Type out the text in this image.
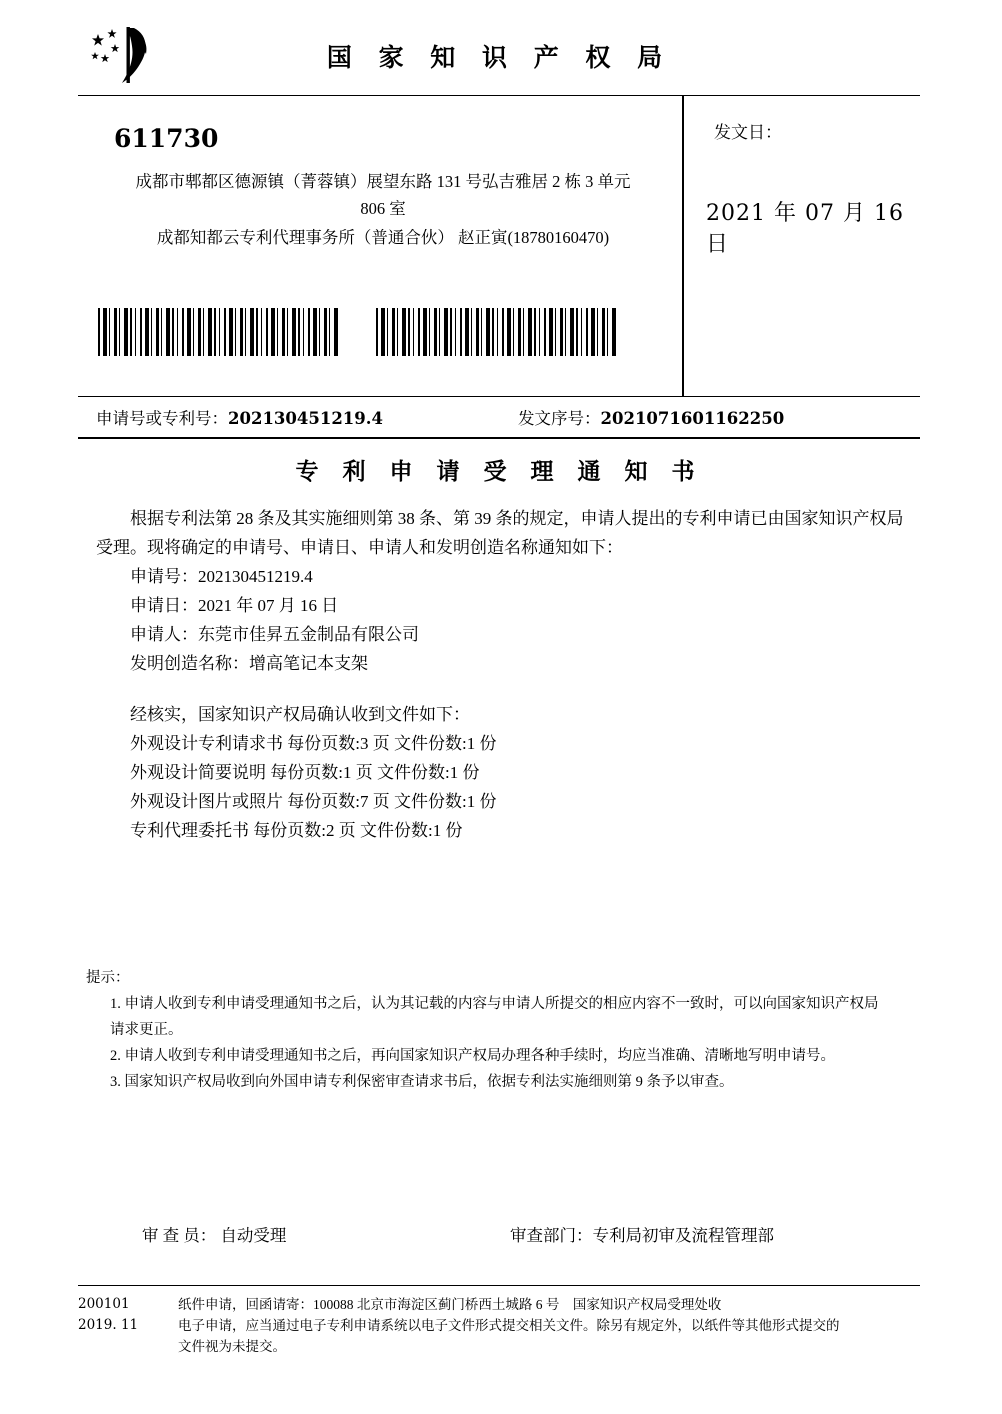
国 家 知 识 产 权 局
611730
成都市郫都区德源镇（菁蓉镇）展望东路 131 号弘吉雅居 2 栋 3 单元
806 室
成都知都云专利代理事务所（普通合伙） 赵正寅(18780160470)
发文日：
2021 年 07 月 16 日
申请号或专利号：202130451219.4	发文序号：2021071601162250
专 利 申 请 受 理 通 知 书
根据专利法第 28 条及其实施细则第 38 条、第 39 条的规定，申请人提出的专利申请已由国家知识产权局受理。现将确定的申请号、申请日、申请人和发明创造名称通知如下：
申请号：202130451219.4
申请日：2021 年 07 月 16 日
申请人：东莞市佳昇五金制品有限公司
发明创造名称：增高笔记本支架
经核实，国家知识产权局确认收到文件如下：
外观设计专利请求书 每份页数:3 页 文件份数:1 份
外观设计简要说明 每份页数:1 页 文件份数:1 份
外观设计图片或照片 每份页数:7 页 文件份数:1 份
专利代理委托书 每份页数:2 页 文件份数:1 份
提示：
1. 申请人收到专利申请受理通知书之后，认为其记载的内容与申请人所提交的相应内容不一致时，可以向国家知识产权局
请求更正。
2. 申请人收到专利申请受理通知书之后，再向国家知识产权局办理各种手续时，均应当准确、清晰地写明申请号。
3. 国家知识产权局收到向外国申请专利保密审查请求书后，依据专利法实施细则第 9 条予以审查。
审 查 员： 自动受理	审查部门：专利局初审及流程管理部
200101	纸件申请，回函请寄：100088 北京市海淀区蓟门桥西土城路 6 号　国家知识产权局受理处收
2019. 11	电子申请，应当通过电子专利申请系统以电子文件形式提交相关文件。除另有规定外，以纸件等其他形式提交的
文件视为未提交。
